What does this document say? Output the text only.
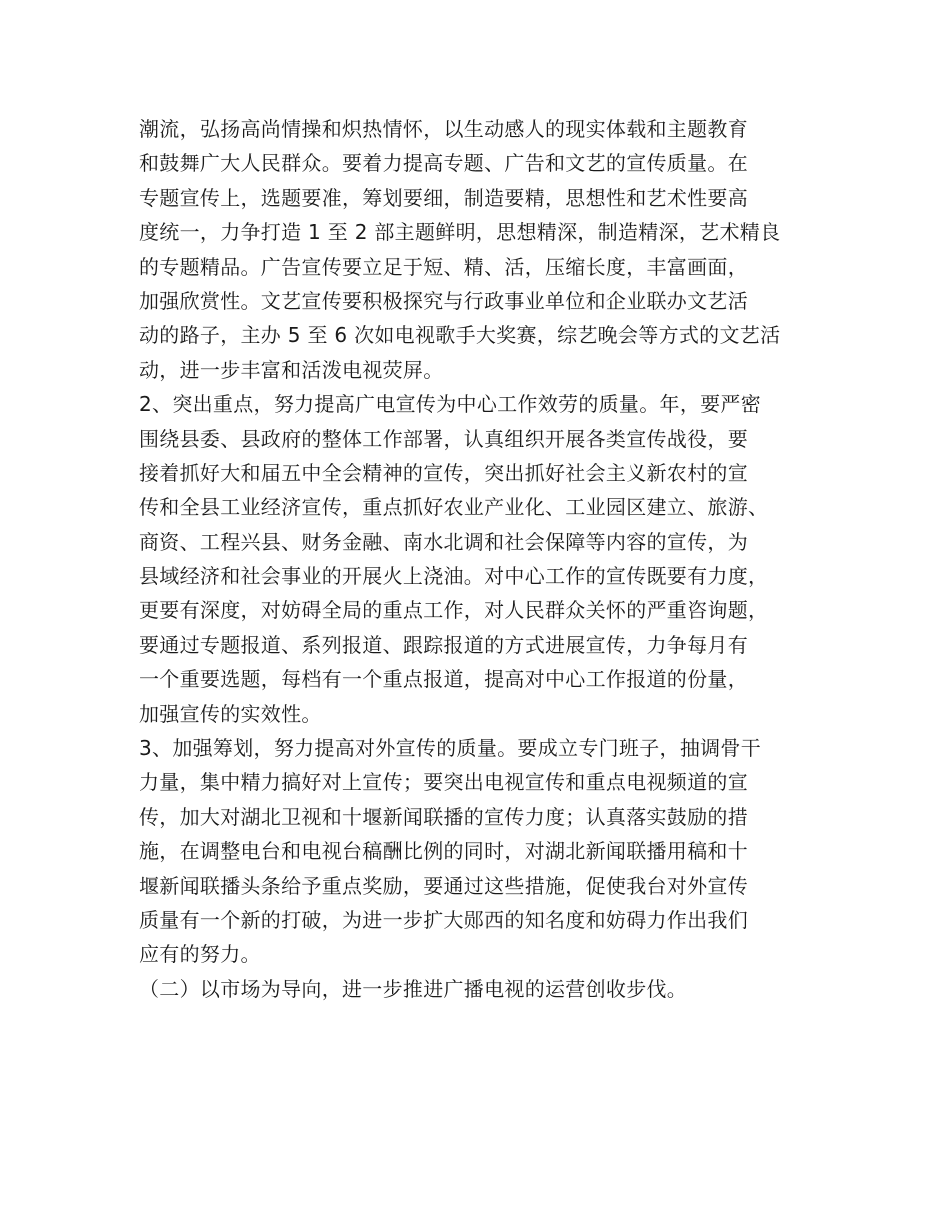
潮流，弘扬高尚情操和炽热情怀，以生动感人的现实体载和主题教育
和鼓舞广大人民群众。要着力提高专题、广告和文艺的宣传质量。在
专题宣传上，选题要准，筹划要细，制造要精，思想性和艺术性要高
度统一，力争打造 1 至 2 部主题鲜明，思想精深，制造精深，艺术精良
的专题精品。广告宣传要立足于短、精、活，压缩长度，丰富画面，
加强欣赏性。文艺宣传要积极探究与行政事业单位和企业联办文艺活
动的路子，主办 5 至 6 次如电视歌手大奖赛，综艺晚会等方式的文艺活
动，进一步丰富和活泼电视荧屏。
2、突出重点，努力提高广电宣传为中心工作效劳的质量。年，要严密
围绕县委、县政府的整体工作部署，认真组织开展各类宣传战役，要
接着抓好大和届五中全会精神的宣传，突出抓好社会主义新农村的宣
传和全县工业经济宣传，重点抓好农业产业化、工业园区建立、旅游、
商资、工程兴县、财务金融、南水北调和社会保障等内容的宣传，为
县域经济和社会事业的开展火上浇油。对中心工作的宣传既要有力度，
更要有深度，对妨碍全局的重点工作，对人民群众关怀的严重咨询题，
要通过专题报道、系列报道、跟踪报道的方式进展宣传，力争每月有
一个重要选题，每档有一个重点报道，提高对中心工作报道的份量，
加强宣传的实效性。
3、加强筹划，努力提高对外宣传的质量。要成立专门班子，抽调骨干
力量，集中精力搞好对上宣传；要突出电视宣传和重点电视频道的宣
传，加大对湖北卫视和十堰新闻联播的宣传力度；认真落实鼓励的措
施，在调整电台和电视台稿酬比例的同时，对湖北新闻联播用稿和十
堰新闻联播头条给予重点奖励，要通过这些措施，促使我台对外宣传
质量有一个新的打破，为进一步扩大郧西的知名度和妨碍力作出我们
应有的努力。
（二）以市场为导向，进一步推进广播电视的运营创收步伐。
